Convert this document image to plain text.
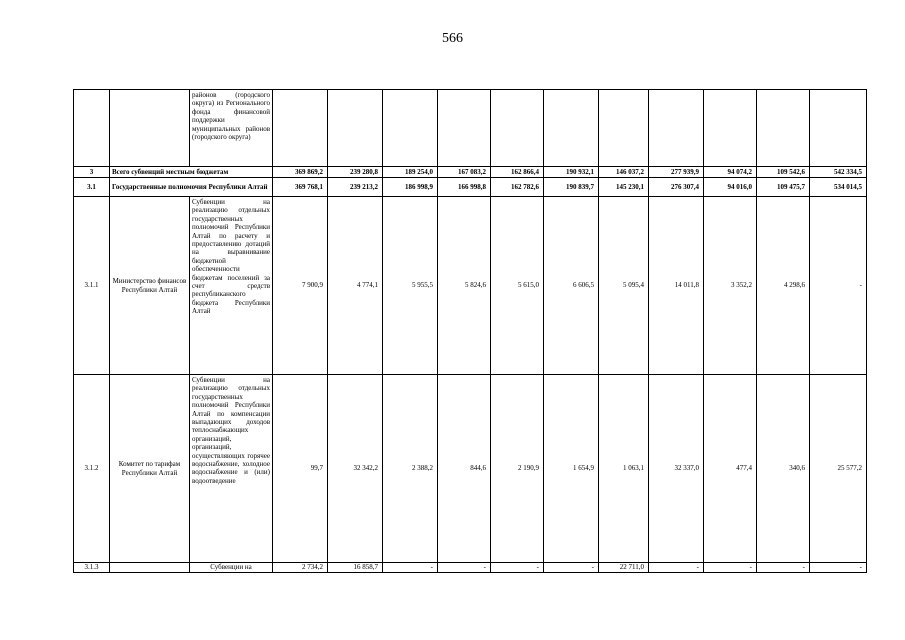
566
		районов (городского округа) из Регионального фонда финансовой поддержки муниципальных районов (городского округа)											
3	Всего субвенций местным бюджетам		369 869,2	239 280,8	189 254,0	167 083,2	162 866,4	190 932,1	146 037,2	277 939,9	94 074,2	109 542,6	542 334,5
3.1	Государственные полномочия Республики Алтай		369 768,1	239 213,2	186 998,9	166 998,8	162 782,6	190 839,7	145 230,1	276 307,4	94 016,0	109 475,7	534 014,5
3.1.1	Министерство финансов Республики Алтай	Субвенции на реализацию отдельных государственных полномочий Республики Алтай по расчету и предоставлению дотаций на выравнивание бюджетной обеспеченности бюджетам поселений за счет средств республиканского бюджета Республики Алтай	7 900,9	4 774,1	5 955,5	5 824,6	5 615,0	6 606,5	5 095,4	14 011,8	3 352,2	4 298,6	-
3.1.2	Комитет по тарифам Республики Алтай	Субвенции на реализацию отдельных государственных полномочий Республики Алтай по компенсации выпадающих доходов теплоснабжающих организаций, организаций, осуществляющих горячее водоснабжение, холодное водоснабжение и (или) водоотведение	99,7	32 342,2	2 388,2	844,6	2 190,9	1 654,9	1 063,1	32 337,0	477,4	340,6	25 577,2
3.1.3		Субвенции на	2 734,2	16 858,7	-	-	-	-	22 711,0	-	-	-	-
